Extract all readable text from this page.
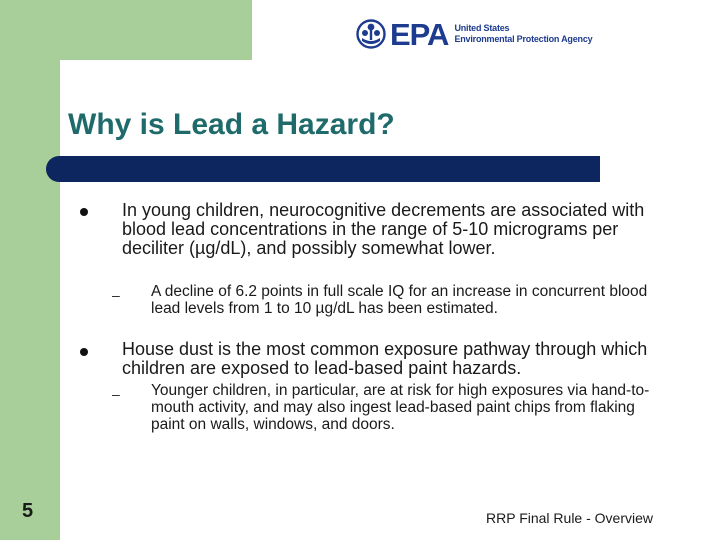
EPA United States
Environmental Protection Agency
Why is Lead a Hazard?
In young children, neurocognitive decrements are associated with blood lead concentrations in the range of 5-10 micrograms per deciliter (µg/dL), and possibly somewhat lower.
– A decline of 6.2 points in full scale IQ for an increase in concurrent blood lead levels from 1 to 10 µg/dL has been estimated.
House dust is the most common exposure pathway through which children are exposed to lead-based paint hazards.
– Younger children, in particular, are at risk for high exposures via hand-to-mouth activity, and may also ingest lead-based paint chips from flaking paint on walls, windows, and doors.
5	RRP Final Rule - Overview
